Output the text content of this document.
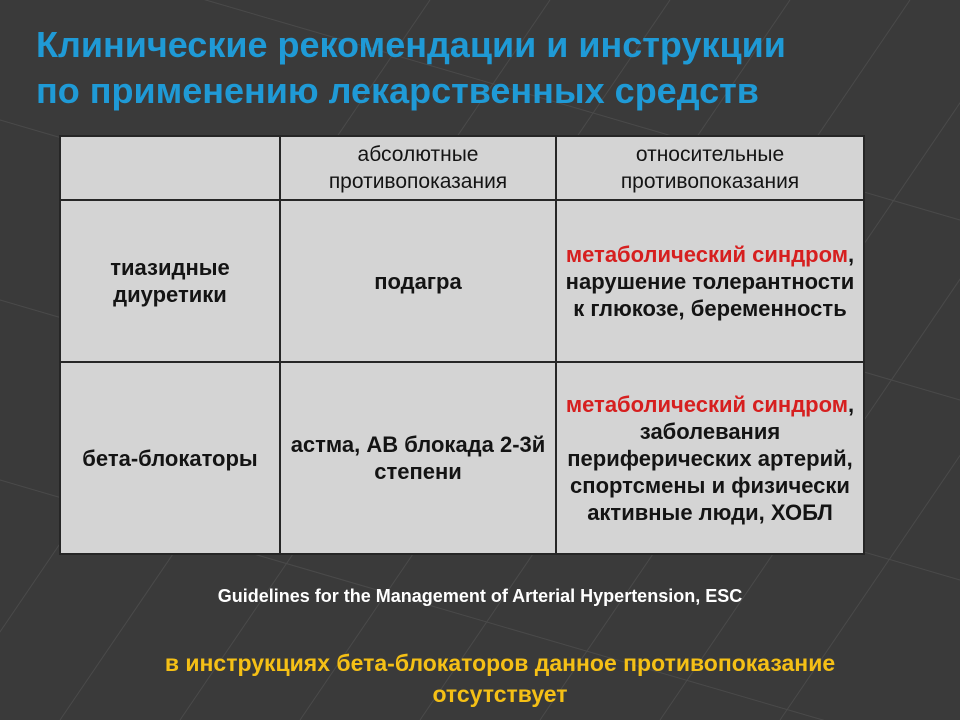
Клинические рекомендации и инструкции
по применению лекарственных средств
	абсолютные противопоказания	относительные противопоказания
тиазидные диуретики	подагра	метаболический синдром, нарушение толерантности к глюкозе, беременность
бета-блокаторы	астма, АВ блокада 2-3й степени	метаболический синдром, заболевания периферических артерий, спортсмены и физически активные люди, ХОБЛ
Guidelines for the Management of Arterial Hypertension, ESC
в инструкциях бета-блокаторов данное противопоказание
отсутствует
